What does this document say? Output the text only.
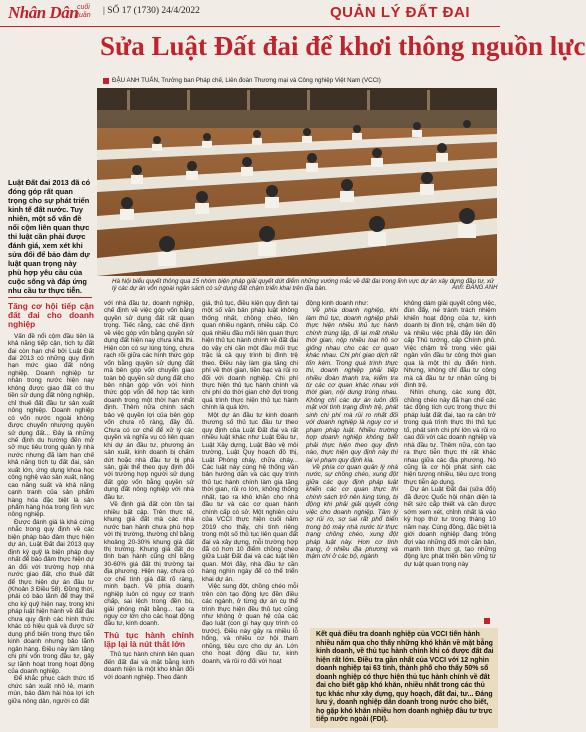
Nhân Dân
cuối tuần	| SỐ 17 (1730) 24/4/2022	QUẢN LÝ ĐẤT ĐAI
Sửa Luật Đất đai để khơi thông nguồn lực
ĐẬU ANH TUẤN, Trưởng ban Pháp chế, Liên đoàn Thương mại và Công nghiệp Việt Nam (VCCI)
Hà Nội biểu quyết thông qua 15 nhóm biện pháp giải quyết dứt điểm những vướng mắc về đất đai trong lĩnh vực dự án xây dựng đầu tư, xử lý các dự án vốn ngoài ngân sách có sử dụng đất chậm triển khai trên địa bàn.	Ảnh: ĐĂNG ANH
Luật Đất đai 2013 đã có đóng góp rất quan trọng cho sự phát triển kinh tế đất nước. Tuy nhiên, một số vấn đề nổi cộm liên quan thực thi luật cần phải được đánh giá, xem xét khi sửa đổi để bảo đảm dự luật quan trọng này phù hợp yêu cầu của cuộc sống và đáp ứng nhu cầu tư thực tiễn.
Tăng cơ hội tiếp cận đất đai cho doanh nghiệp

Vấn đề nổi cộm đầu tiên là khả năng tiếp cận, tích tụ đất đai còn hạn chế bởi Luật Đất đai 2013 có những quy định hạn mức giao đất nông nghiệp. Doanh nghiệp tư nhân trong nước hiện nay không được giao đất có thu tiền sử dụng đất nông nghiệp, chỉ thuê đất đầu tư sản xuất nông nghiệp. Doanh nghiệp có vốn nước ngoài không được chuyển nhượng quyền sử dụng đất... Đây là những chế định du hướng đến mở sở mục tiêu trong quản lý nhà nước nhưng đã làm hạn chế khả năng tích tụ đất đai, sản xuất lớn, ứng dụng khoa học công nghệ vào sản xuất, nâng cao năng suất và khả năng cạnh tranh của sản phẩm hàng hóa đặc biệt là sản phẩm hàng hóa trong lĩnh vực nông nghiệp.

Được đánh giá là khá cứng nhắc trong quy định về các biện pháp bảo đảm thực hiện dự án, Luật Đất đai 2013 quy định ký quỹ là biện pháp duy nhất để bảo đảm thực hiện dự án đối với trường hợp nhà nước giao đất, cho thuê đất để thực hiện dự án đầu tư (Khoản 3 Điều 58). Đồng thời, phải có bảo lãnh để thay thế cho ký quỹ hiện nay, trong khi pháp luật hiện hành về đất đai chưa quy định các hình thức khác có hiệu quả và được sử dụng phổ biến trong thực tiễn kinh doanh nhưng bảo lãnh ngân hàng. Điều này làm tăng chi phí vốn trong đầu tư, gây sự lãnh hoạt trong hoạt động của doanh nghiệp.

Để khắc phục cách thức tổ chức sản xuất nhỏ lẻ, manh mún, bảo đảm hài hòa lợi ích giữa nông dân, người có đất

với nhà đầu tư, doanh nghiệp, chế định về việc góp vốn bằng quyền sử dụng đất rất quan trọng. Tiếc rằng, các chế định về việc góp vốn bằng quyền sử dụng đất hiện nay chưa khả thi. Hiện còn có sự lúng túng, chưa rạch rõi giữa các hình thức góp vốn bằng quyền sử dụng đất mà bên góp vốn chuyển giao toàn bộ quyền sử dụng đất cho bên nhận góp vốn với hình thức góp vốn để hợp tác kinh doanh trong một thời hạn nhất định. Thêm nữa chính sách bảo vệ quyền lợi của bên góp vốn chưa rõ ràng, đầy đủ. Chưa có cơ chế để xử lý các quyền và nghĩa vụ có liên quan khi dự án đầu tư, phương án sản xuất, kinh doanh bị chấm dứt hoặc nhà đầu tư bị phá sản, giải thể theo quy định đối với trường hợp người sử dụng đất góp vốn bằng quyền sử dụng đất nông nghiệp với nhà đầu tư.

Về định giá đất còn tồn tại nhiều bất cập. Trên thực tế, khung giá đất mà các nhà nước ban hành chưa phù hợp với thị trường, thường chỉ bằng khoảng 20-30% khung giá đất thị trường. Khung giá đất do tỉnh ban hành cũng chỉ bằng 30-60% giá đất thị trường tại địa phương. Hiện nay, chưa có cơ chế tính giá đất rõ ràng, minh bạch. Về phía doanh nghiệp luôn có nguy cơ tranh chấp, sai lệch trong đền bù, giải phóng mặt bằng... tạo ra nguy cơ lớn cho các hoạt động đầu tư, kinh doanh.

Thủ tục hành chính lặp lại là nút thắt lớn

Thủ tục hành chính liên quan đến đất đai và mặt bằng kinh doanh hiện là một kho khăn đối với doanh nghiệp. Theo đánh

giá, thủ tục, điều kiện quy định tại một số văn bản pháp luật không thống nhất, chồng chéo, liên quan nhiều ngành, nhiều cấp. Có quá nhiều đầu mối liên quan thực hiện thủ tục hành chính về đất đai do vậy chi cần một đầu mối trục trặc là cả quy trình bị đình trệ theo. Điều này làm gia tăng chi phí về thời gian, tiền bạc và rủi ro đối với doanh nghiệp. Chi phí thực hiện thủ tục hành chính và chi phí do thời gian chờ đợi trong quá trình thực hiện thủ tục hành chính là quá lớn.

Một dự án đầu tư kinh doanh thương số thủ tục đầu tư theo quy định của Luật Đất đai và rất nhiều luật khác như Luật Đầu tư, Luật Xây dựng, Luật Bảo vệ môi trường, Luật Quy hoạch đô thị, Luật Phòng cháy, chữa cháy... Các luật này cùng hệ thống văn bản hướng dẫn và các quy trình thủ tục hành chính làm gia tăng thời gian, rủi ro lớn, không thống nhất, tạo ra khó khăn cho nhà đầu tư và các cơ quan hành chính cấp có sở. Một nghiên cứu của VCCI thực hiện cuối năm 2019 cho thấy, chi tính riêng trong một số thủ tục liên quan đất đai và xây dựng, mỗi trường hợp đã có hơn 10 điểm chồng chéo giữa Luật Đất đai và các luật liên quan. Mới đây, nhà đầu tư cần hàng nghìn ngày để có thể triển khai dự án.

Việc sung đột, chồng chéo mỗi trên còn tạo động lực đền điều các ngành, ở từng dự án cụ thể trình thực hiện đều thủ tục cũng như không ở quan hệ của các đạo luật (con gì hay quy trình có trước). Điều này gây ra nhiều lỗ hổng, và nhiều cơ hội tham nhũng, tiêu cực cho dự án. Lớn cho hoạt động đầu tư, kinh doanh, và rủi ro đối với hoạt

động kinh doanh như:

Về phía doanh nghiệp, khi làm thủ tục, doanh nghiệp phải thực hiện nhiều thủ tục hành chính trùng lặp, đi lại mất nhiều thời gian, nộp nhiều loại hồ sơ giống nhau cho các cơ quan khác nhau. Chi phí giao dịch rất tốn kém. Trong quá trình thực thi, doanh nghiệp phải tiếp nhiều đoàn thanh tra, kiểm tra từ các cơ quan khác nhau với thời gian, nội dung trùng nhau. Không chỉ các dự án luôn đối mặt với tình trạng đình trệ, phát sinh chi phí mà rủi ro nhất đối với doanh nghiệp là nguy cơ vi phạm pháp luật. Nhiều trường hợp doanh nghiệp không biết phải thực hiện theo quy định nào, thực hiện quy định này thì lại vi phạm quy định kia.

Về phía cơ quan quản lý nhà nước, sự chồng chéo, xung đột giữa các quy định pháp luật khiến các cơ quan thực thi chính sách trở nên lúng túng, bị động khi phải giải quyết công việc cho doanh nghiệp. Tâm lý sợ rủi ro, sợ sai rất phổ biến trong bộ máy nhà nước từ thực trạng chồng chéo, xung đột pháp luật này. Hơn cơ tình trạng, ở nhiều địa phương và thậm chí ở các bộ, ngành

không dám giải quyết công việc, đùn đẩy, né tránh trách nhiệm khiến hoạt động của tư, kinh doanh bị đình trệ, chậm tiến độ và nhiều việc phải đẩy lên đến cấp Thủ tướng, cấp Chính phủ. Việc chậm trễ trong việc giải ngân vốn đầu tư công thời gian qua là một thí dụ điển hình. Nhưng, không chỉ đầu tư công mà cả đầu tư tư nhân cũng bị đình trệ.

Nhìn chung, các xung đột, chồng chéo này đã hạn chế các tác động tích cực trong thực thi pháp luật đất đai, tạo ra cản trở trong quá trình thực thi thủ tục tố, phát sinh chi phí lớn và rủi ro cao đối với các doanh nghiệp và nhà đầu tư. Thêm nữa, còn tạo ra thực tiễn thực thi rất khác nhau giữa các địa phương. Nó cũng là cơ hội phát sinh các hiện tượng nhiều, tiêu cực trong thực tiễn áp dụng.

Dự án Luật Đất đai (sửa đổi) đã được Quốc hội nhận diện là hết sức cấp thiết và cần được sớm xem xét, chỉnh nhất là vào kỳ họp thứ tư trong tháng 10 năm nay. Cùng đồng, đặc biệt là giới doanh nghiệp đang trông đợi vào những đổi mới căn bản, mạnh tính thực gt, tạo những động lực phát triển bền vững từ dự luật quan trọng này

Kết quả điều tra doanh nghiệp của VCCI tiến hành nhiều năm qua cho thấy những khó khăn về mặt bằng kinh doanh, về thủ tục hành chính khi có được đất đai hiện rất lớn. Điều tra gần nhất của VCCI với 12 nghìn doanh nghiệp tại 63 tỉnh, thành phố cho thấy 50% số doanh nghiệp có thực hiện thủ tục hành chính về đất đai cho biết gặp khó khăn, nhiều nhất trong các thủ tục khác như xây dựng, quy hoạch, đất đai, tư... Đáng lưu ý, doanh nghiệp dân doanh trong nước cho biết, họ gặp khó khăn nhiều hơn doanh nghiệp đầu tư trực tiếp nước ngoài (FDI).
